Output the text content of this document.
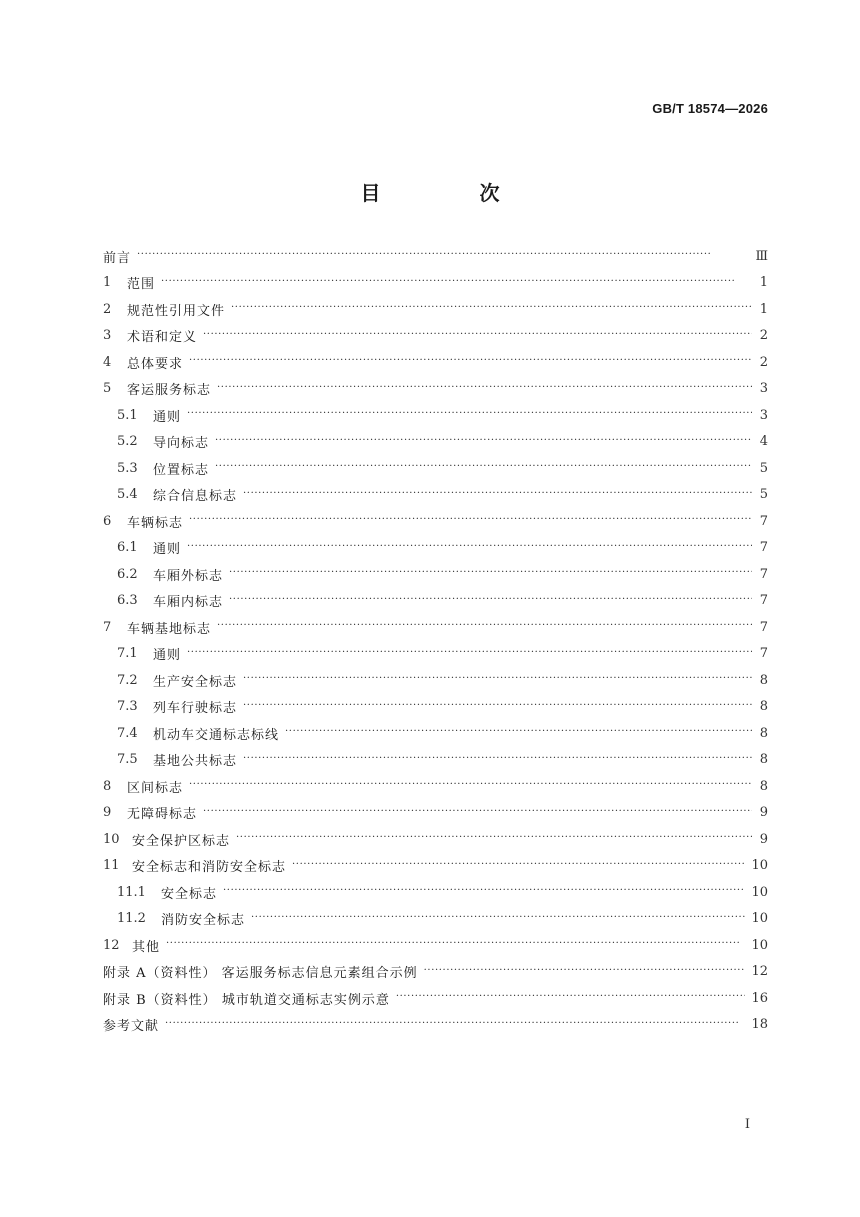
GB/T 18574—2026
目 次
前言 ·····	Ⅲ
1	范围 ·····	1
2	规范性引用文件 ·····	1
3	术语和定义 ·····	2
4	总体要求 ·····	2
5	客运服务标志 ·····	3
5.1	通则 ·····	3
5.2	导向标志 ·····	4
5.3	位置标志 ·····	5
5.4	综合信息标志 ·····	5
6	车辆标志 ·····	7
6.1	通则 ·····	7
6.2	车厢外标志 ·····	7
6.3	车厢内标志 ·····	7
7	车辆基地标志 ·····	7
7.1	通则 ·····	7
7.2	生产安全标志 ·····	8
7.3	列车行驶标志 ·····	8
7.4	机动车交通标志标线 ·····	8
7.5	基地公共标志 ·····	8
8	区间标志 ·····	8
9	无障碍标志 ·····	9
10 安全保护区标志 ·····	9
11 安全标志和消防安全标志 ·····	10
11.1	安全标志 ·····	10
11.2	消防安全标志 ·····	10
12 其他 ·····	10
附录 A（资料性） 客运服务标志信息元素组合示例 ·····	12
附录 B（资料性） 城市轨道交通标志实例示意 ·····	16
参考文献 ·····	18
I
